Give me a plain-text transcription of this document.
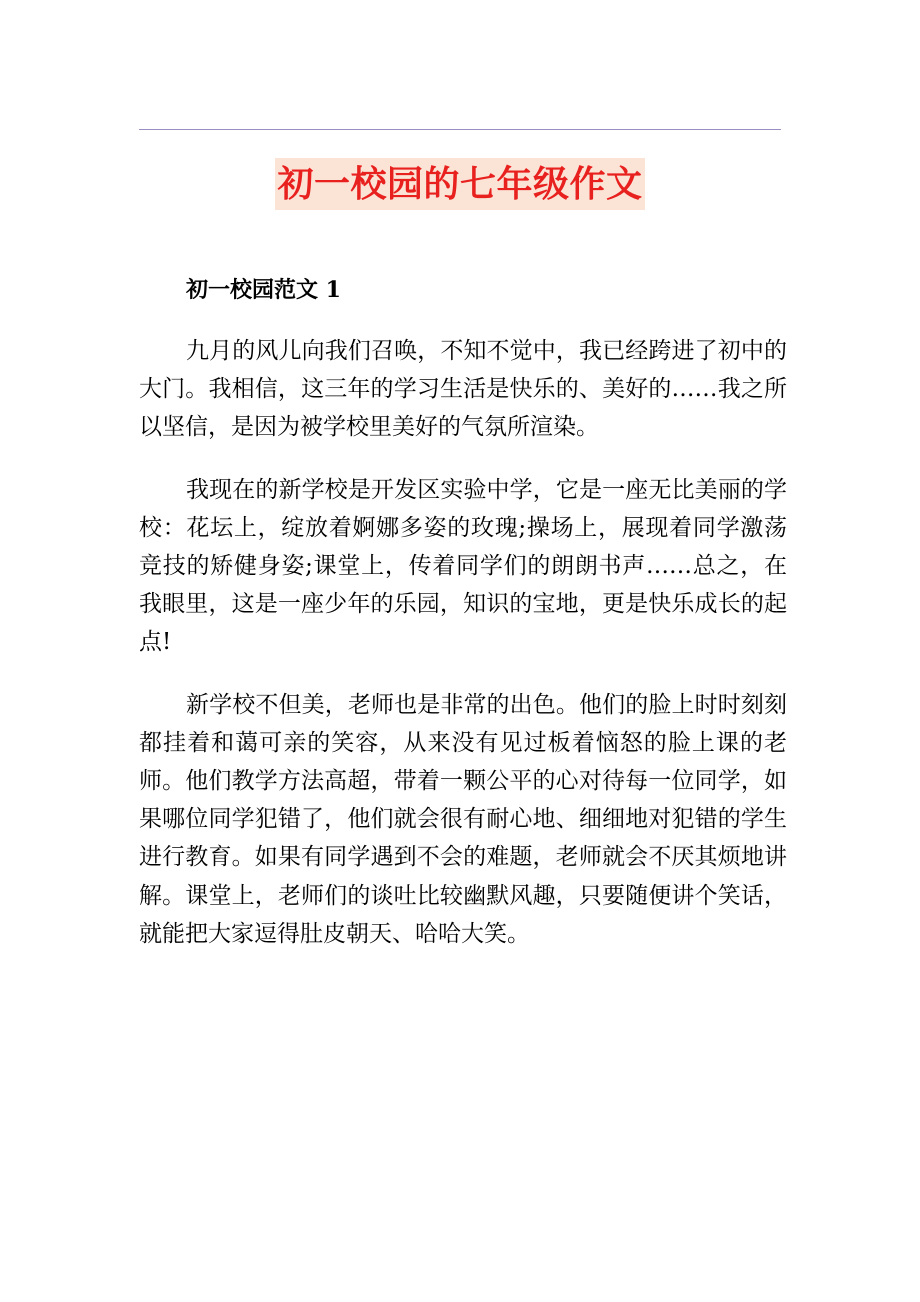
初一校园的七年级作文
初一校园范文 1

九月的风儿向我们召唤，不知不觉中，我已经跨进了初中的大门。我相信，这三年的学习生活是快乐的、美好的……我之所以坚信，是因为被学校里美好的气氛所渲染。

我现在的新学校是开发区实验中学，它是一座无比美丽的学校：花坛上，绽放着婀娜多姿的玫瑰;操场上，展现着同学激荡竞技的矫健身姿;课堂上，传着同学们的朗朗书声……总之，在我眼里，这是一座少年的乐园，知识的宝地，更是快乐成长的起点!

新学校不但美，老师也是非常的出色。他们的脸上时时刻刻都挂着和蔼可亲的笑容，从来没有见过板着恼怒的脸上课的老师。他们教学方法高超，带着一颗公平的心对待每一位同学，如果哪位同学犯错了，他们就会很有耐心地、细细地对犯错的学生进行教育。如果有同学遇到不会的难题，老师就会不厌其烦地讲解。课堂上，老师们的谈吐比较幽默风趣，只要随便讲个笑话，就能把大家逗得肚皮朝天、哈哈大笑。
